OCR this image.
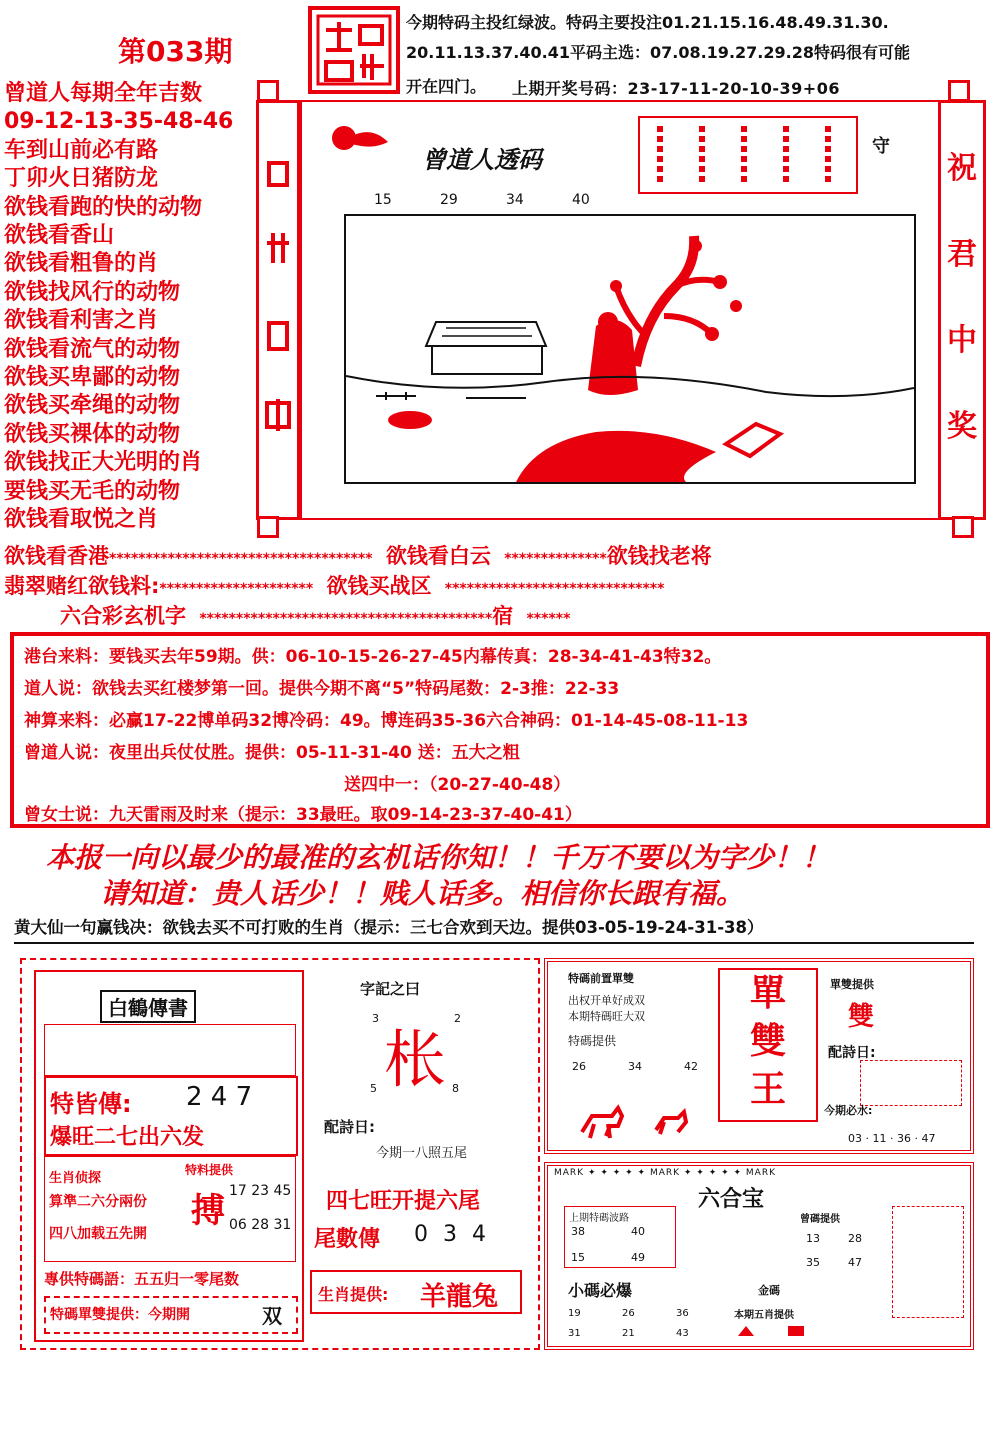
第033期
今期特码主投红绿波。特码主要投注01.21.15.16.48.49.31.30.
20.11.13.37.40.41平码主选：07.08.19.27.29.28特码很有可能
开在四门。 上期开奖号码：23-17-11-20-10-39+06
曾道人每期全年吉数
09-12-13-35-48-46
车到山前必有路
丁卯火日猪防龙
欲钱看跑的快的动物
欲钱看香山
欲钱看粗鲁的肖
欲钱找风行的动物
欲钱看利害之肖
欲钱看流气的动物
欲钱买卑鄙的动物
欲钱买牵绳的动物
欲钱买裸体的动物
欲钱找正大光明的肖
要钱买无毛的动物
欲钱看取悦之肖
曾道人透码
15	29	34	40
守
祝
君
中
奖
欲钱看香港************************************ 欲钱看白云 **************欲钱找老将
翡翠赌红欲钱料:********************* 欲钱买战区 ******************************
六合彩玄机字 ****************************************宿 ******
港台来料：要钱买去年59期。供：06-10-15-26-27-45内幕传真：28-34-41-43特32。
道人说：欲钱去买红楼梦第一回。提供今期不离“5”特码尾数：2-3推：22-33
神算来料：必赢17-22博单码32博冷码：49。博连码35-36六合神码：01-14-45-08-11-13
曾道人说：夜里出兵仗仗胜。提供：05-11-31-40 送：五大之粗
送四中一：（20-27-40-48）
曾女士说：九天雷雨及时来（提示：33最旺。取09-14-23-37-40-41）
本报一向以最少的最准的玄机话你知！！千万不要以为字少！！
请知道：贵人话少！！贱人话多。相信你长跟有福。
黄大仙一句赢钱决：欲钱去买不可打败的生肖（提示：三七合欢到天边。提供03-05-19-24-31-38）
白鶴傳書
特皆傳: 2 4 7
爆旺二七出六发
生肖侦探
算準二六分兩份
四八加载五先開
特料提供
搏 17 23 45
06 28 31
專供特碼語：五五归一零尾数
特碼單雙提供：今期開	双
字記之曰
3	2
枨
5	8
配詩日:
今期一八照五尾
四七旺开提六尾
尾數傳 0 3 4
生肖提供: 羊龍兔
特碼前置單雙
出权开单好成双
本期特碼旺大双
特碼提供
26	34	42
單
雙
王
單雙提供
雙
配詩日:
今期必水:
03 · 11 · 36 · 47
MARK ✦ ✦ ✦ ✦ ✦ MARK ✦ ✦ ✦ ✦ ✦ MARK
六合宝
上期特碼波路
38	40
15	49
小碼必爆
19	26	36
31	21	43
曾碼提供
13	28
35	47
金碼
本期五肖提供
